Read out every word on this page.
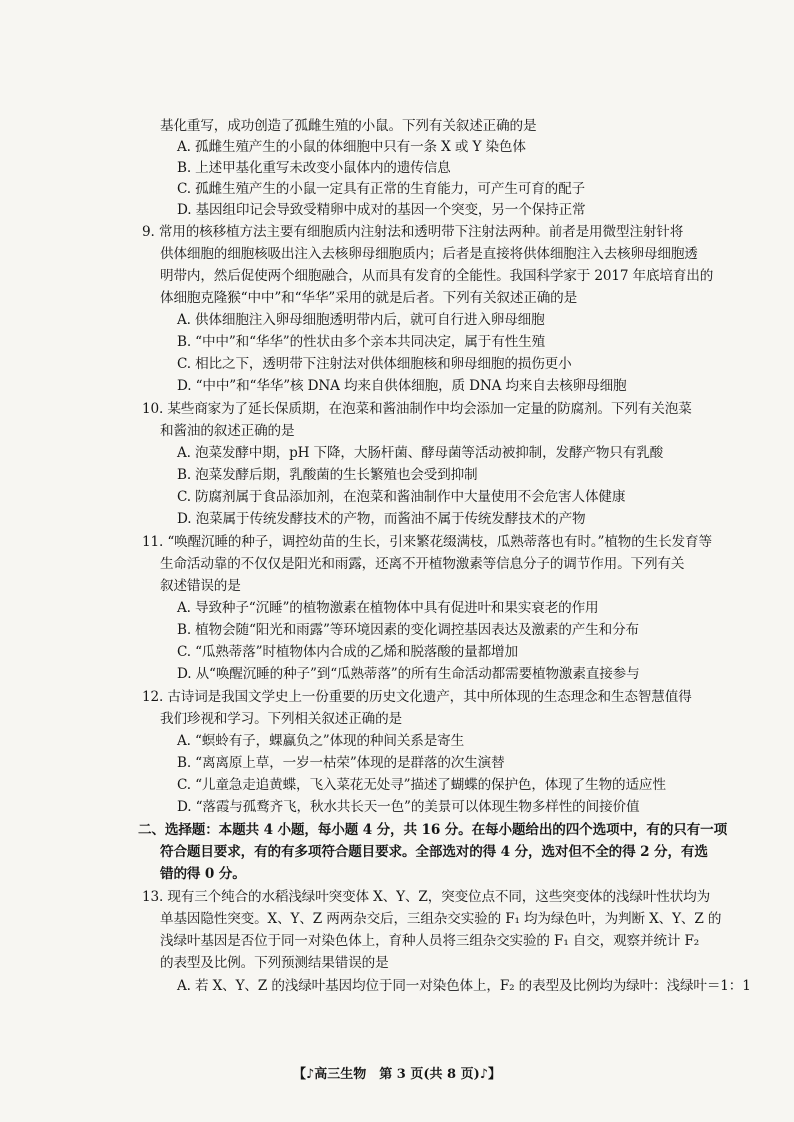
基化重写，成功创造了孤雌生殖的小鼠。下列有关叙述正确的是
A. 孤雌生殖产生的小鼠的体细胞中只有一条 X 或 Y 染色体
B. 上述甲基化重写未改变小鼠体内的遗传信息
C. 孤雌生殖产生的小鼠一定具有正常的生育能力，可产生可育的配子
D. 基因组印记会导致受精卵中成对的基因一个突变，另一个保持正常
9. 常用的核移植方法主要有细胞质内注射法和透明带下注射法两种。前者是用微型注射针将
供体细胞的细胞核吸出注入去核卵母细胞质内；后者是直接将供体细胞注入去核卵母细胞透
明带内，然后促使两个细胞融合，从而具有发育的全能性。我国科学家于 2017 年底培育出的
体细胞克隆猴“中中”和“华华”采用的就是后者。下列有关叙述正确的是
A. 供体细胞注入卵母细胞透明带内后，就可自行进入卵母细胞
B. “中中”和“华华”的性状由多个亲本共同决定，属于有性生殖
C. 相比之下，透明带下注射法对供体细胞核和卵母细胞的损伤更小
D. “中中”和“华华”核 DNA 均来自供体细胞，质 DNA 均来自去核卵母细胞
10. 某些商家为了延长保质期，在泡菜和酱油制作中均会添加一定量的防腐剂。下列有关泡菜
和酱油的叙述正确的是
A. 泡菜发酵中期，pH 下降，大肠杆菌、酵母菌等活动被抑制，发酵产物只有乳酸
B. 泡菜发酵后期，乳酸菌的生长繁殖也会受到抑制
C. 防腐剂属于食品添加剂，在泡菜和酱油制作中大量使用不会危害人体健康
D. 泡菜属于传统发酵技术的产物，而酱油不属于传统发酵技术的产物
11. “唤醒沉睡的种子，调控幼苗的生长，引来繁花缀满枝，瓜熟蒂落也有时。”植物的生长发育等
生命活动靠的不仅仅是阳光和雨露，还离不开植物激素等信息分子的调节作用。下列有关
叙述错误的是
A. 导致种子“沉睡”的植物激素在植物体中具有促进叶和果实衰老的作用
B. 植物会随“阳光和雨露”等环境因素的变化调控基因表达及激素的产生和分布
C. “瓜熟蒂落”时植物体内合成的乙烯和脱落酸的量都增加
D. 从“唤醒沉睡的种子”到“瓜熟蒂落”的所有生命活动都需要植物激素直接参与
12. 古诗词是我国文学史上一份重要的历史文化遗产，其中所体现的生态理念和生态智慧值得
我们珍视和学习。下列相关叙述正确的是
A. “螟蛉有子，蜾蠃负之”体现的种间关系是寄生
B. “离离原上草，一岁一枯荣”体现的是群落的次生演替
C. “儿童急走追黄蝶，飞入菜花无处寻”描述了蝴蝶的保护色，体现了生物的适应性
D. “落霞与孤鹜齐飞，秋水共长天一色”的美景可以体现生物多样性的间接价值
二、选择题：本题共 4 小题，每小题 4 分，共 16 分。在每小题给出的四个选项中，有的只有一项
符合题目要求，有的有多项符合题目要求。全部选对的得 4 分，选对但不全的得 2 分，有选
错的得 0 分。
13. 现有三个纯合的水稻浅绿叶突变体 X、Y、Z，突变位点不同，这些突变体的浅绿叶性状均为
单基因隐性突变。X、Y、Z 两两杂交后，三组杂交实验的 F₁ 均为绿色叶，为判断 X、Y、Z 的
浅绿叶基因是否位于同一对染色体上，育种人员将三组杂交实验的 F₁ 自交，观察并统计 F₂
的表型及比例。下列预测结果错误的是
A. 若 X、Y、Z 的浅绿叶基因均位于同一对染色体上，F₂ 的表型及比例均为绿叶：浅绿叶＝1：1
【♪高三生物　第 3 页(共 8 页)♪】
